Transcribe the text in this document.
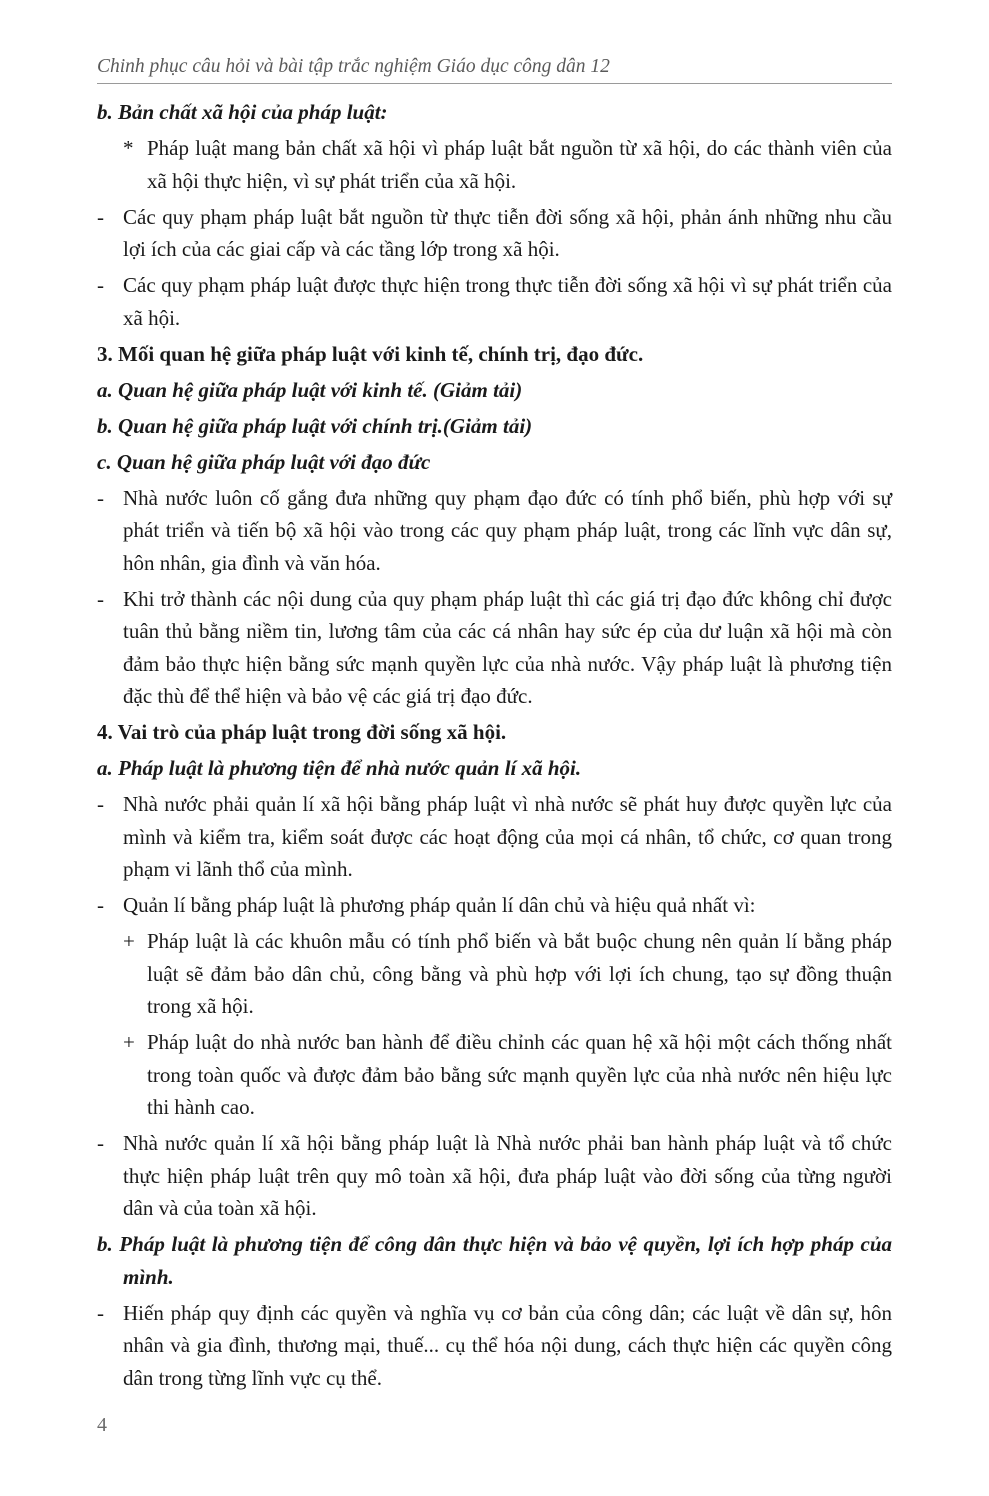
Chinh phục câu hỏi và bài tập trắc nghiệm Giáo dục công dân 12
b. Bản chất xã hội của pháp luật:
* Pháp luật mang bản chất xã hội vì pháp luật bắt nguồn từ xã hội, do các thành viên của xã hội thực hiện, vì sự phát triển của xã hội.
- Các quy phạm pháp luật bắt nguồn từ thực tiễn đời sống xã hội, phản ánh những nhu cầu lợi ích của các giai cấp và các tầng lớp trong xã hội.
- Các quy phạm pháp luật được thực hiện trong thực tiễn đời sống xã hội vì sự phát triển của xã hội.
3. Mối quan hệ giữa pháp luật với kinh tế, chính trị, đạo đức.
a. Quan hệ giữa pháp luật với kinh tế. (Giảm tải)
b. Quan hệ giữa pháp luật với chính trị.(Giảm tải)
c. Quan hệ giữa pháp luật với đạo đức
- Nhà nước luôn cố gắng đưa những quy phạm đạo đức có tính phổ biến, phù hợp với sự phát triển và tiến bộ xã hội vào trong các quy phạm pháp luật, trong các lĩnh vực dân sự, hôn nhân, gia đình và văn hóa.
- Khi trở thành các nội dung của quy phạm pháp luật thì các giá trị đạo đức không chỉ được tuân thủ bằng niềm tin, lương tâm của các cá nhân hay sức ép của dư luận xã hội mà còn đảm bảo thực hiện bằng sức mạnh quyền lực của nhà nước. Vậy pháp luật là phương tiện đặc thù để thể hiện và bảo vệ các giá trị đạo đức.
4. Vai trò của pháp luật trong đời sống xã hội.
a. Pháp luật là phương tiện để nhà nước quản lí xã hội.
- Nhà nước phải quản lí xã hội bằng pháp luật vì nhà nước sẽ phát huy được quyền lực của mình và kiểm tra, kiểm soát được các hoạt động của mọi cá nhân, tổ chức, cơ quan trong phạm vi lãnh thổ của mình.
- Quản lí bằng pháp luật là phương pháp quản lí dân chủ và hiệu quả nhất vì:
+ Pháp luật là các khuôn mẫu có tính phổ biến và bắt buộc chung nên quản lí bằng pháp luật sẽ đảm bảo dân chủ, công bằng và phù hợp với lợi ích chung, tạo sự đồng thuận trong xã hội.
+ Pháp luật do nhà nước ban hành để điều chỉnh các quan hệ xã hội một cách thống nhất trong toàn quốc và được đảm bảo bằng sức mạnh quyền lực của nhà nước nên hiệu lực thi hành cao.
- Nhà nước quản lí xã hội bằng pháp luật là Nhà nước phải ban hành pháp luật và tổ chức thực hiện pháp luật trên quy mô toàn xã hội, đưa pháp luật vào đời sống của từng người dân và của toàn xã hội.
b. Pháp luật là phương tiện để công dân thực hiện và bảo vệ quyền, lợi ích hợp pháp của mình.
- Hiến pháp quy định các quyền và nghĩa vụ cơ bản của công dân; các luật về dân sự, hôn nhân và gia đình, thương mại, thuế... cụ thể hóa nội dung, cách thực hiện các quyền công dân trong từng lĩnh vực cụ thể.
4
